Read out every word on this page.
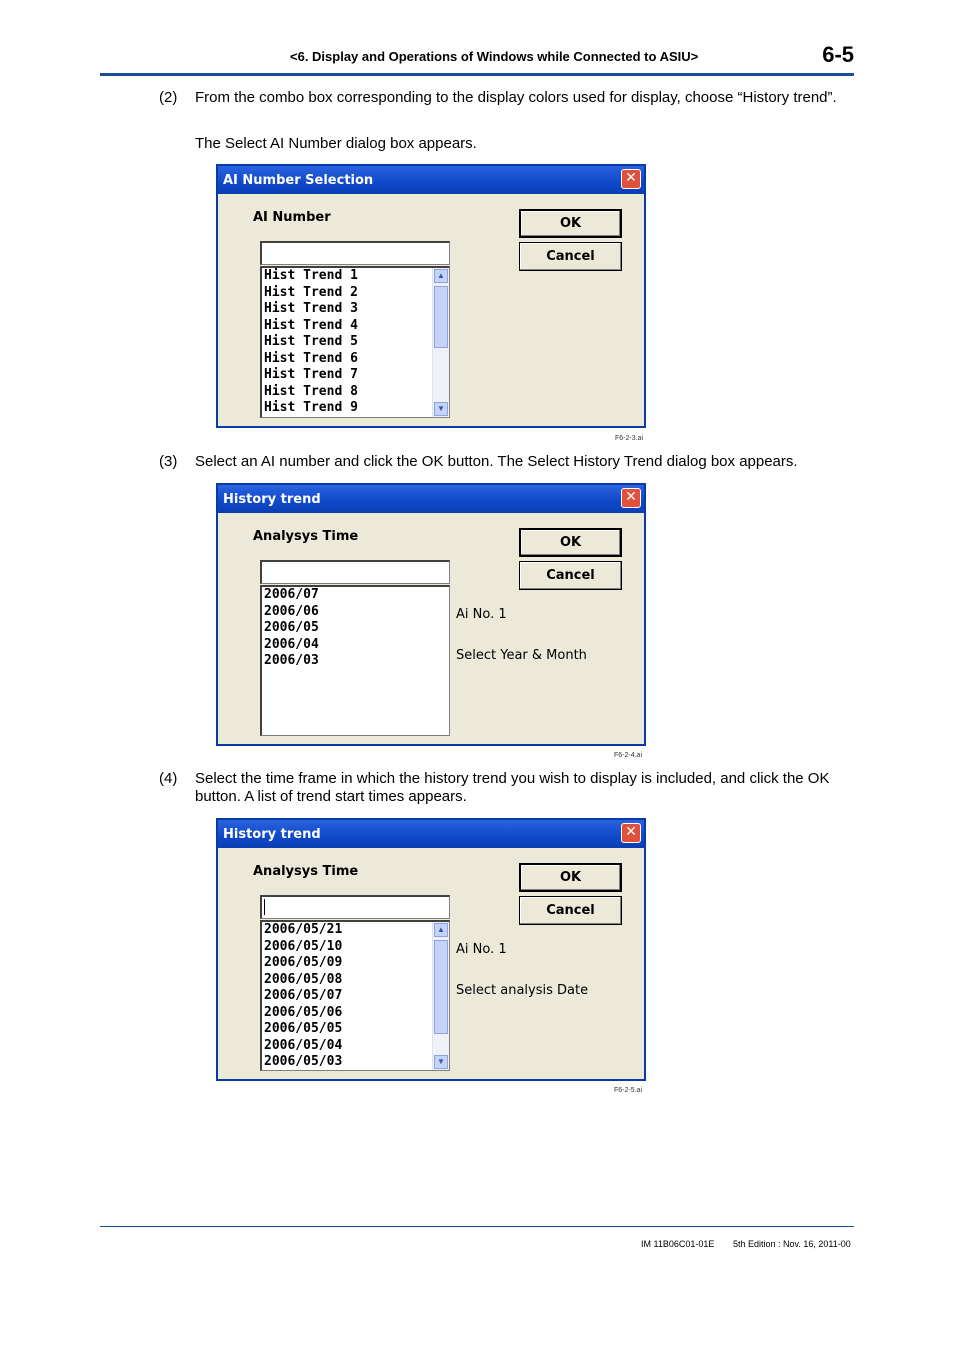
<6. Display and Operations of Windows while Connected to ASIU>	6-5
(2) From the combo box corresponding to the display colors used for display, choose “History trend”.
The Select AI Number dialog box appears.
AI Number Selection	✕
AI Number
Hist Trend 1
Hist Trend 2
Hist Trend 3
Hist Trend 4
Hist Trend 5
Hist Trend 6
Hist Trend 7
Hist Trend 8
Hist Trend 9
▲
▼
OK
Cancel
F6-2-3.ai
(3) Select an AI number and click the OK button. The Select History Trend dialog box appears.
History trend	✕
Analysys Time
2006/07
2006/06
2006/05
2006/04
2006/03
OK
Cancel
Ai No. 1
Select Year & Month
F6-2-4.ai
(4) Select the time frame in which the history trend you wish to display is included, and click the OK button. A list of trend start times appears.
History trend	✕
Analysys Time
2006/05/21
2006/05/10
2006/05/09
2006/05/08
2006/05/07
2006/05/06
2006/05/05
2006/05/04
2006/05/03
▲
▼
OK
Cancel
Ai No. 1
Select analysis Date
F6-2-5.ai
IM 11B06C01-01E 5th Edition : Nov. 16, 2011-00
